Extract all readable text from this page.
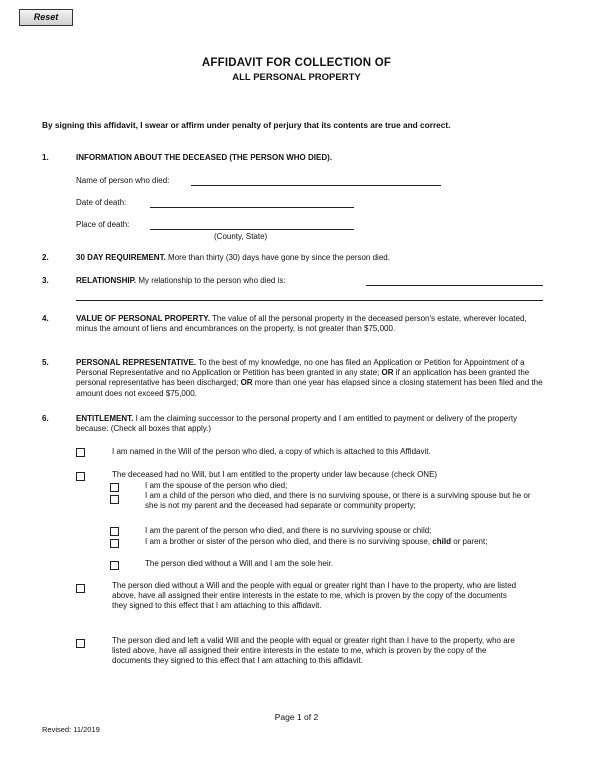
Reset
AFFIDAVIT FOR COLLECTION OF
ALL PERSONAL PROPERTY
By signing this affidavit, I swear or affirm under penalty of perjury that its contents are true and correct.
1.	INFORMATION ABOUT THE DECEASED (THE PERSON WHO DIED).
Name of person who died:
Date of death:
Place of death:
(County, State)
2.	30 DAY REQUIREMENT. More than thirty (30) days have gone by since the person died.
3.	RELATIONSHIP. My relationship to the person who died is:
4.	VALUE OF PERSONAL PROPERTY. The value of all the personal property in the deceased person's estate, wherever located, minus the amount of liens and encumbrances on the property, is not greater than $75,000.
5.	PERSONAL REPRESENTATIVE. To the best of my knowledge, no one has filed an Application or Petition for Appointment of a Personal Representative and no Application or Petition has been granted in any state; OR if an application has been granted the personal representative has been discharged; OR more than one year has elapsed since a closing statement has been filed and the amount does not exceed $75,000.
6.	ENTITLEMENT. I am the claiming successor to the personal property and I am entitled to payment or delivery of the property because: (Check all boxes that apply.)
I am named in the Will of the person who died, a copy of which is attached to this Affidavit.
The deceased had no Will, but I am entitled to the property under law because (check ONE)
I am the spouse of the person who died;
I am a child of the person who died, and there is no surviving spouse, or there is a surviving spouse but he or she is not my parent and the deceased had separate or community property;
I am the parent of the person who died, and there is no surviving spouse or child;
I am a brother or sister of the person who died, and there is no surviving spouse, child or parent;
The person died without a Will and I am the sole heir.
The person died without a Will and the people with equal or greater right than I have to the property, who are listed above, have all assigned their entire interests in the estate to me, which is proven by the copy of the documents they signed to this effect that I am attaching to this affidavit.
The person died and left a valid Will and the people with equal or greater right than I have to the property, who are listed above, have all assigned their entire interests in the estate to me, which is proven by the copy of the documents they signed to this effect that I am attaching to this affidavit.
Page 1 of 2
Revised: 11/2019
